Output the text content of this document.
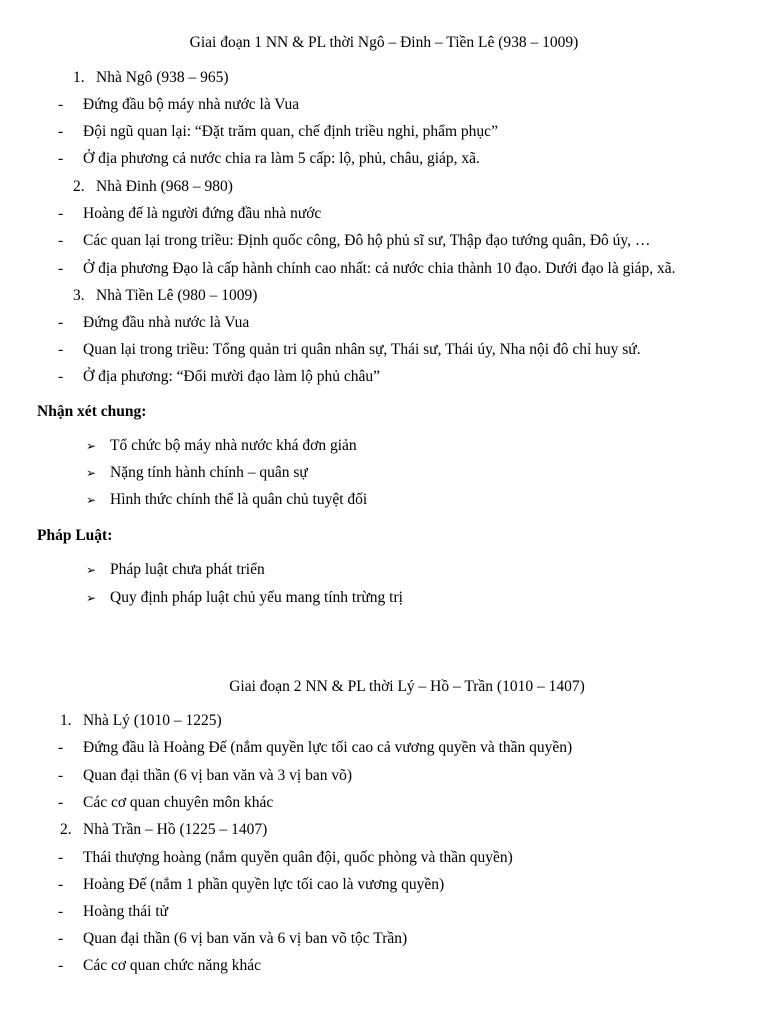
Giai đoạn 1 NN & PL thời Ngô – Đinh – Tiền Lê (938 – 1009)
1. Nhà Ngô (938 – 965)
- Đứng đầu bộ máy nhà nước là Vua
- Đội ngũ quan lại: “Đặt trăm quan, chế định triều nghi, phẩm phục”
- Ở địa phương cả nước chia ra làm 5 cấp: lộ, phủ, châu, giáp, xã.
2. Nhà Đinh (968 – 980)
- Hoàng đế là người đứng đầu nhà nước
- Các quan lại trong triều: Định quốc công, Đô hộ phủ sĩ sư, Thập đạo tướng quân, Đô úy, …
- Ở địa phương Đạo là cấp hành chính cao nhất: cả nước chia thành 10 đạo. Dưới đạo là giáp, xã.
3. Nhà Tiền Lê (980 – 1009)
- Đứng đầu nhà nước là Vua
- Quan lại trong triều: Tổng quản tri quân nhân sự, Thái sư, Thái úy, Nha nội đô chỉ huy sứ.
- Ở địa phương: “Đổi mười đạo làm lộ phủ châu”
Nhận xét chung:
➢ Tổ chức bộ máy nhà nước khá đơn giản
➢ Nặng tính hành chính – quân sự
➢ Hình thức chính thể là quân chủ tuyệt đối
Pháp Luật:
➢ Pháp luật chưa phát triển
➢ Quy định pháp luật chủ yếu mang tính trừng trị
Giai đoạn 2 NN & PL thời Lý – Hồ – Trần (1010 – 1407)
1. Nhà Lý (1010 – 1225)
- Đứng đầu là Hoàng Đế (nắm quyền lực tối cao cả vương quyền và thần quyền)
- Quan đại thần (6 vị ban văn và 3 vị ban võ)
- Các cơ quan chuyên môn khác
2. Nhà Trần – Hồ (1225 – 1407)
- Thái thượng hoàng (nắm quyền quân đội, quốc phòng và thần quyền)
- Hoàng Đế (nắm 1 phần quyền lực tối cao là vương quyền)
- Hoàng thái tử
- Quan đại thần (6 vị ban văn và 6 vị ban võ tộc Trần)
- Các cơ quan chức năng khác
